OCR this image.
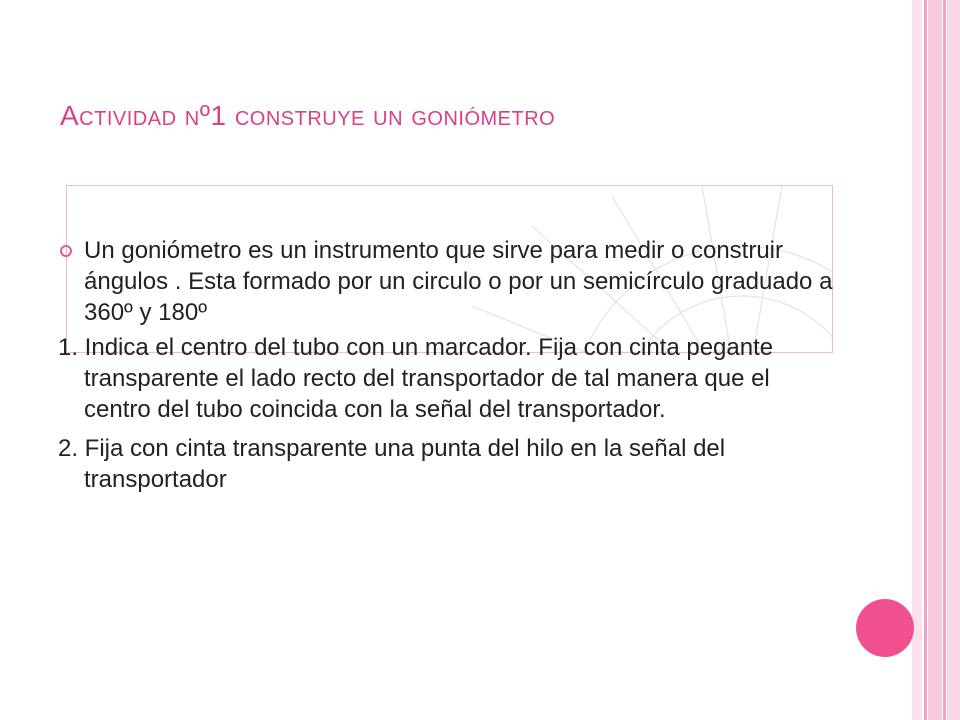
Actividad nº1 construye un goniómetro
Un goniómetro es un instrumento que sirve para medir o construir ángulos . Esta formado por un circulo o por un semicírculo graduado a 360º y 180º
1. Indica el centro del tubo con un marcador. Fija con cinta pegante transparente el lado recto del transportador de tal manera que el centro del tubo coincida con la señal del transportador.
2. Fija con cinta transparente una punta del hilo en la señal del transportador
